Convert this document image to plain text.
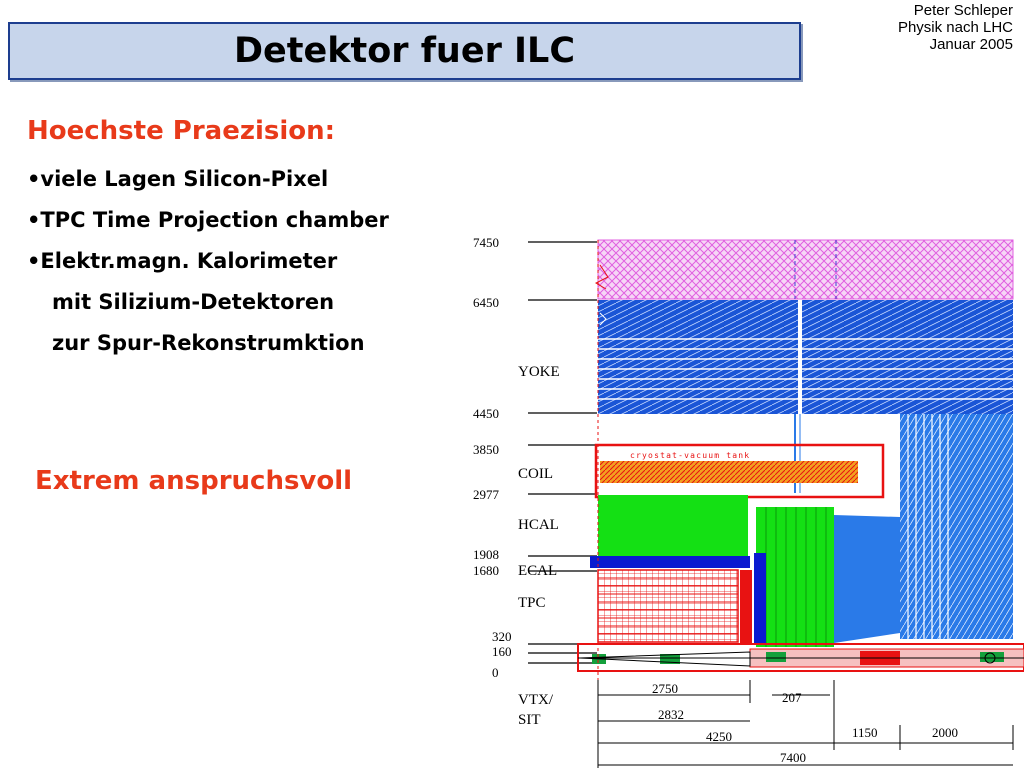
Peter Schleper
Physik nach LHC
Januar 2005
Detektor fuer ILC
Hoechste Praezision:
•viele Lagen Silicon-Pixel
•TPC Time Projection chamber
•Elektr.magn. Kalorimeter
mit Silizium-Detektoren
zur Spur-Rekonstrumktion
Extrem anspruchsvoll
7450
6450
4450
3850
2977
1908
1680
320
160
0
YOKE
COIL
HCAL
ECAL
TPC
VTX/
SIT
cryostat-vacuum tank
2750
207
2832
4250	1150	2000
7400
